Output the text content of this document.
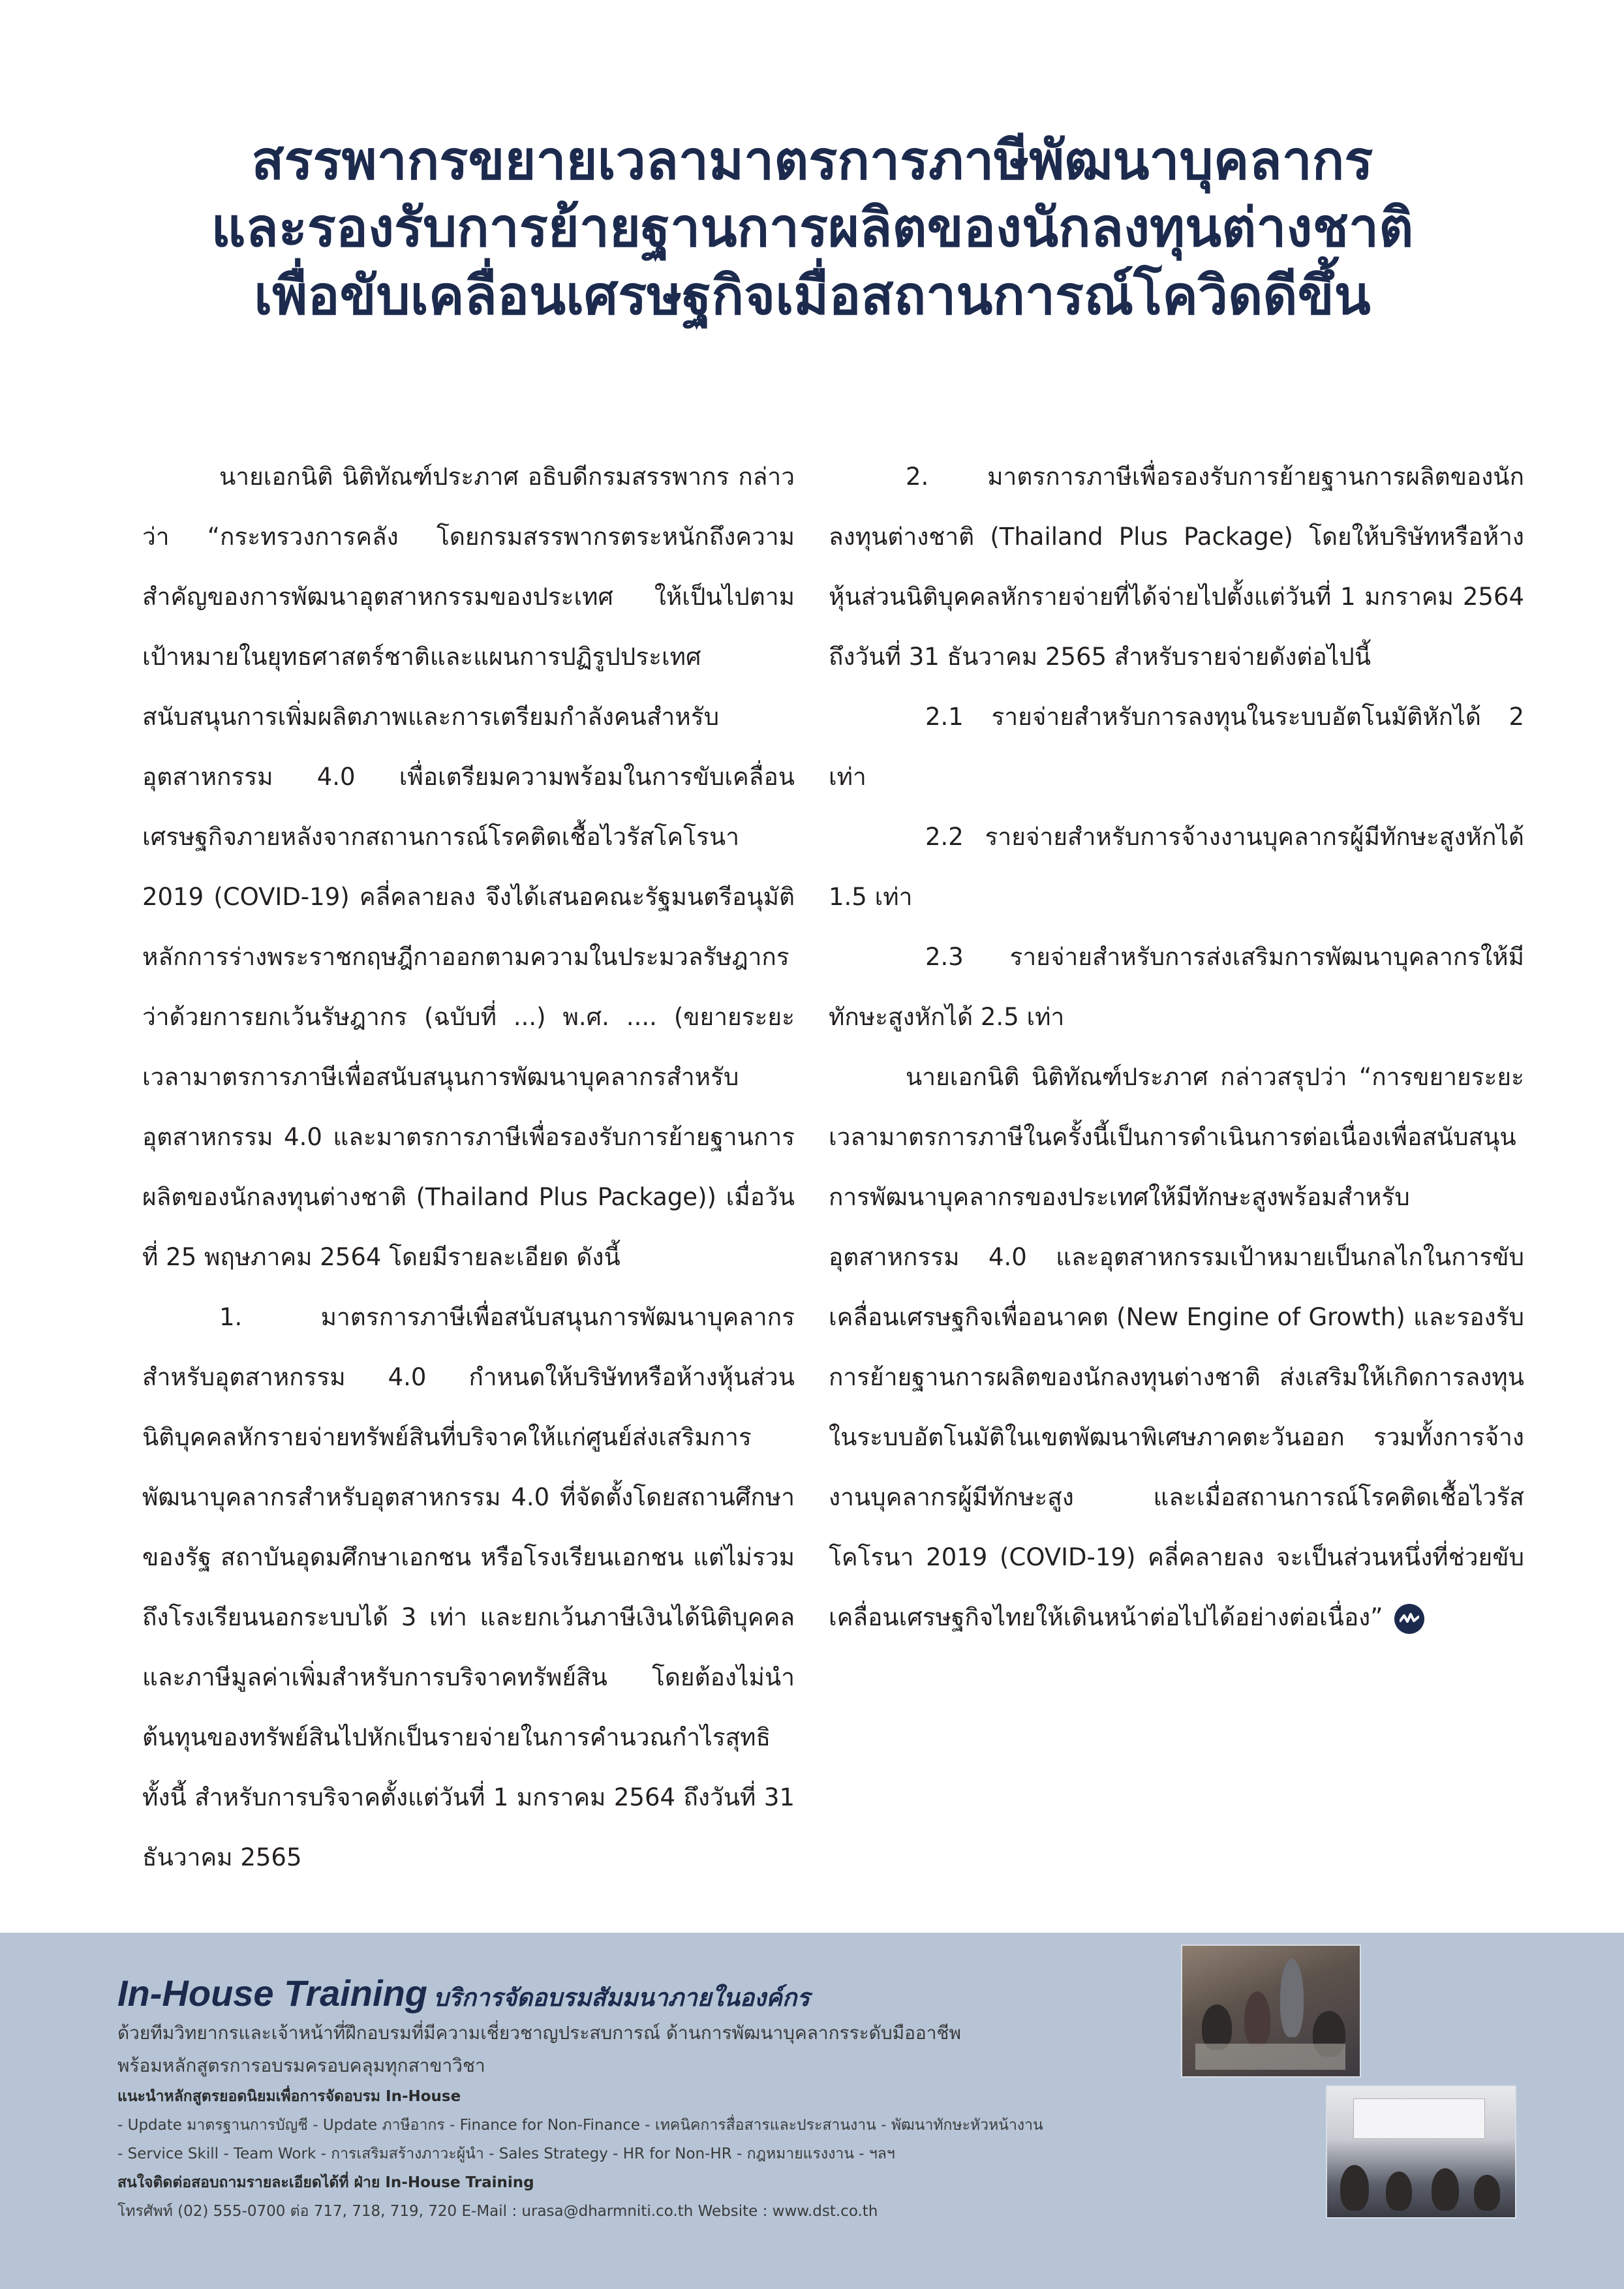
สรรพากรขยายเวลามาตรการภาษีพัฒนาบุคลากร
และรองรับการย้ายฐานการผลิตของนักลงทุนต่างชาติ
เพื่อขับเคลื่อนเศรษฐกิจเมื่อสถานการณ์โควิดดีขึ้น

นายเอกนิติ นิติทัณฑ์ประภาศ อธิบดีกรมสรรพากร กล่าวว่า “กระทรวงการคลัง โดยกรมสรรพากรตระหนักถึงความสำคัญของการพัฒนาอุตสาหกรรมของประเทศ ให้เป็นไปตามเป้าหมายในยุทธศาสตร์ชาติและแผนการปฏิรูปประเทศ สนับสนุนการเพิ่มผลิตภาพและการเตรียมกำลังคนสำหรับอุตสาหกรรม 4.0 เพื่อเตรียมความพร้อมในการขับเคลื่อนเศรษฐกิจภายหลังจากสถานการณ์โรคติดเชื้อไวรัสโคโรนา 2019 (COVID-19) คลี่คลายลง จึงได้เสนอคณะรัฐมนตรีอนุมัติหลักการร่างพระราชกฤษฎีกาออกตามความในประมวลรัษฎากร ว่าด้วยการยกเว้นรัษฎากร (ฉบับที่ ...) พ.ศ. .... (ขยายระยะเวลามาตรการภาษีเพื่อสนับสนุนการพัฒนาบุคลากรสำหรับอุตสาหกรรม 4.0 และมาตรการภาษีเพื่อรองรับการย้ายฐานการผลิตของนักลงทุนต่างชาติ (Thailand Plus Package)) เมื่อวันที่ 25 พฤษภาคม 2564 โดยมีรายละเอียด ดังนี้

1. มาตรการภาษีเพื่อสนับสนุนการพัฒนาบุคลากรสำหรับอุตสาหกรรม 4.0 กำหนดให้บริษัทหรือห้างหุ้นส่วนนิติบุคคลหักรายจ่ายทรัพย์สินที่บริจาคให้แก่ศูนย์ส่งเสริมการพัฒนาบุคลากรสำหรับอุตสาหกรรม 4.0 ที่จัดตั้งโดยสถานศึกษาของรัฐ สถาบันอุดมศึกษาเอกชน หรือโรงเรียนเอกชน แต่ไม่รวมถึงโรงเรียนนอกระบบได้ 3 เท่า และยกเว้นภาษีเงินได้นิติบุคคลและภาษีมูลค่าเพิ่มสำหรับการบริจาคทรัพย์สิน โดยต้องไม่นำต้นทุนของทรัพย์สินไปหักเป็นรายจ่ายในการคำนวณกำไรสุทธิ ทั้งนี้ สำหรับการบริจาคตั้งแต่วันที่ 1 มกราคม 2564 ถึงวันที่ 31 ธันวาคม 2565

2. มาตรการภาษีเพื่อรองรับการย้ายฐานการผลิตของนักลงทุนต่างชาติ (Thailand Plus Package) โดยให้บริษัทหรือห้างหุ้นส่วนนิติบุคคลหักรายจ่ายที่ได้จ่ายไปตั้งแต่วันที่ 1 มกราคม 2564 ถึงวันที่ 31 ธันวาคม 2565 สำหรับรายจ่ายดังต่อไปนี้

2.1 รายจ่ายสำหรับการลงทุนในระบบอัตโนมัติหักได้ 2 เท่า

2.2 รายจ่ายสำหรับการจ้างงานบุคลากรผู้มีทักษะสูงหักได้ 1.5 เท่า

2.3 รายจ่ายสำหรับการส่งเสริมการพัฒนาบุคลากรให้มีทักษะสูงหักได้ 2.5 เท่า

นายเอกนิติ นิติทัณฑ์ประภาศ กล่าวสรุปว่า “การขยายระยะเวลามาตรการภาษีในครั้งนี้เป็นการดำเนินการต่อเนื่องเพื่อสนับสนุนการพัฒนาบุคลากรของประเทศให้มีทักษะสูงพร้อมสำหรับอุตสาหกรรม 4.0 และอุตสาหกรรมเป้าหมายเป็นกลไกในการขับเคลื่อนเศรษฐกิจเพื่ออนาคต (New Engine of Growth) และรองรับการย้ายฐานการผลิตของนักลงทุนต่างชาติ ส่งเสริมให้เกิดการลงทุนในระบบอัตโนมัติในเขตพัฒนาพิเศษภาคตะวันออก รวมทั้งการจ้างงานบุคลากรผู้มีทักษะสูง และเมื่อสถานการณ์โรคติดเชื้อไวรัสโคโรนา 2019 (COVID-19) คลี่คลายลง จะเป็นส่วนหนึ่งที่ช่วยขับเคลื่อนเศรษฐกิจไทยให้เดินหน้าต่อไปได้อย่างต่อเนื่อง”

In-House Training บริการจัดอบรมสัมมนาภายในองค์กร
ด้วยทีมวิทยากรและเจ้าหน้าที่ฝึกอบรมที่มีความเชี่ยวชาญประสบการณ์ ด้านการพัฒนาบุคลากรระดับมืออาชีพ
พร้อมหลักสูตรการอบรมครอบคลุมทุกสาขาวิชา
แนะนำหลักสูตรยอดนิยมเพื่อการจัดอบรม In-House
- Update มาตรฐานการบัญชี - Update ภาษีอากร - Finance for Non-Finance - เทคนิคการสื่อสารและประสานงาน - พัฒนาทักษะหัวหน้างาน
- Service Skill - Team Work - การเสริมสร้างภาวะผู้นำ - Sales Strategy - HR for Non-HR - กฎหมายแรงงาน - ฯลฯ
สนใจติดต่อสอบถามรายละเอียดได้ที่ ฝ่าย In-House Training
โทรศัพท์ (02) 555-0700 ต่อ 717, 718, 719, 720 E-Mail : urasa@dharmniti.co.th Website : www.dst.co.th
